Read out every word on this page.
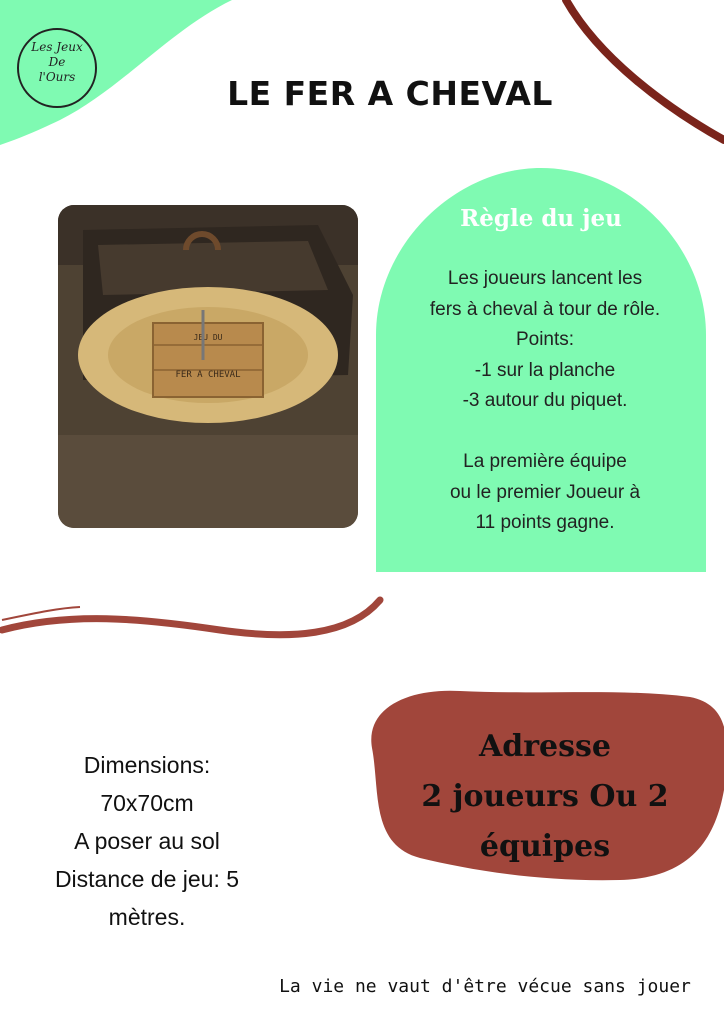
Les Jeux
De
l'Ours	LE FER A CHEVAL
JEU DU
FER A CHEVAL
Règle du jeu
Les joueurs lancent les
fers à cheval à tour de rôle.
Points:
-1 sur la planche
-3 autour du piquet.
La première équipe
ou le premier Joueur à
11 points gagne.
Dimensions:
70x70cm
A poser au sol
Distance de jeu: 5
mètres.
Adresse
2 joueurs Ou 2
équipes
La vie ne vaut d'être vécue sans jouer
